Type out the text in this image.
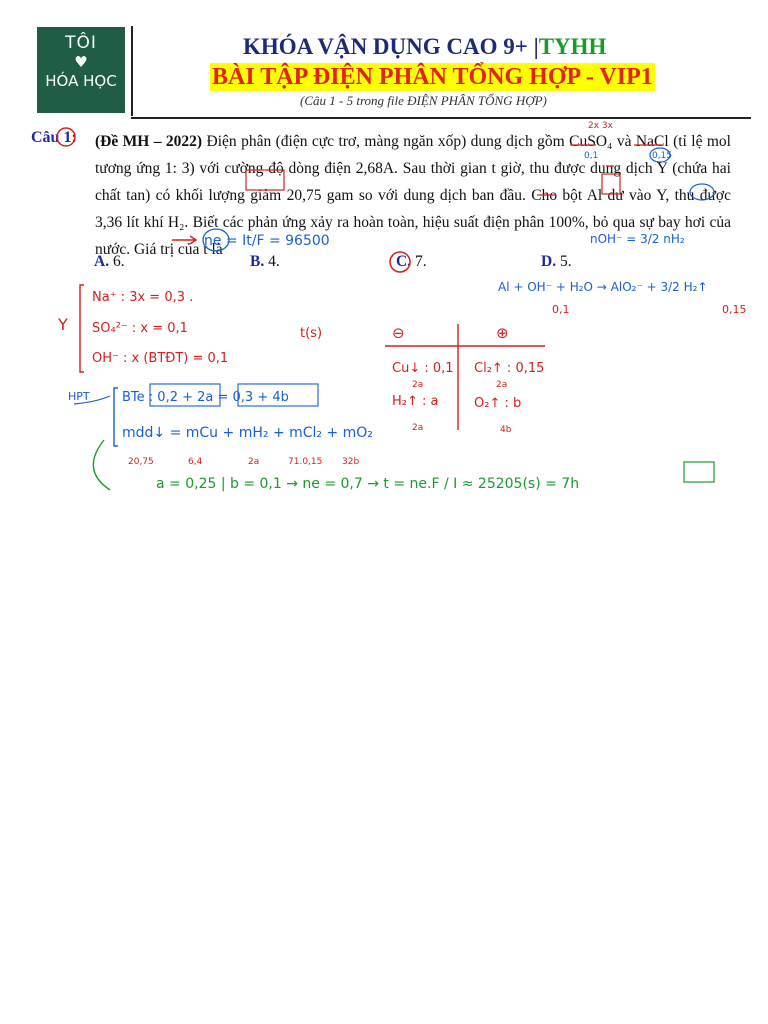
TÔI
♥
HÓA HỌC
KHÓA VẬN DỤNG CAO 9+ |TYHH
BÀI TẬP ĐIỆN PHÂN TỔNG HỢP - VIP1
(Câu 1 - 5 trong file ĐIỆN PHÂN TỔNG HỢP)
Câu 1: (Đề MH – 2022) Điện phân (điện cực trơ, màng ngăn xốp) dung dịch gồm CuSO₄ và NaCl (tỉ lệ mol tương ứng 1: 3) với cường độ dòng điện 2,68A. Sau thời gian t giờ, thu được dung dịch Y (chứa hai chất tan) có khối lượng giảm 20,75 gam so với dung dịch ban đầu. Cho bột Al dư vào Y, thu được 3,36 lít khí H₂. Biết các phản ứng xảy ra hoàn toàn, hiệu suất điện phân 100%, bỏ qua sự bay hơi của nước. Giá trị của t là
A. 6.	B. 4.	C. 7.	D. 5.
2x 3x
0,1	0,15
ne = It/F = 96500	nOH⁻ = 3/2 nH₂
Al + OH⁻ + H₂O → AlO₂⁻ + 3/2 H₂↑
0,1	0,15
Y
Na⁺ : 3x = 0,3 .
SO₄²⁻ : x = 0,1
OH⁻ : x (BTĐT) = 0,1
t(s)	⊖	⊕
Cu↓ : 0,1
2a
H₂↑ : a
2a
Cl₂↑ : 0,15
2a
O₂↑ : b
4b
HPT BTe : 0,2 + 2a = 0,3 + 4b
mdd↓ = mCu + mH₂ + mCl₂ + mO₂
20,75	6,4	2a	71.0,15 32b
a = 0,25 | b = 0,1 → ne = 0,7 → t = ne.F / I ≈ 25205(s) = 7h
